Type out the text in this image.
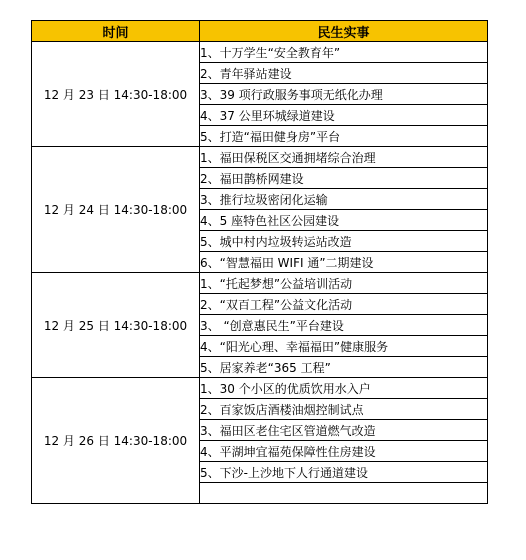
时间	民生实事
12 月 23 日 14:30-18:00	1、十万学生“安全教育年”
	2、青年驿站建设
	3、39 项行政服务事项无纸化办理
	4、37 公里环城绿道建设
	5、打造“福田健身房”平台
12 月 24 日 14:30-18:00	1、福田保税区交通拥堵综合治理
	2、福田鹊桥网建设
	3、推行垃圾密闭化运输
	4、5 座特色社区公园建设
	5、城中村内垃圾转运站改造
	6、“智慧福田 WIFI 通”二期建设
12 月 25 日 14:30-18:00	1、“托起梦想”公益培训活动
	2、“双百工程”公益文化活动
	3、 “创意惠民生”平台建设
	4、“阳光心理、幸福福田”健康服务
	5、居家养老“365 工程”
12 月 26 日 14:30-18:00	1、30 个小区的优质饮用水入户
	2、百家饭店酒楼油烟控制试点
	3、福田区老住宅区管道燃气改造
	4、平湖坤宜福苑保障性住房建设
	5、下沙-上沙地下人行通道建设
